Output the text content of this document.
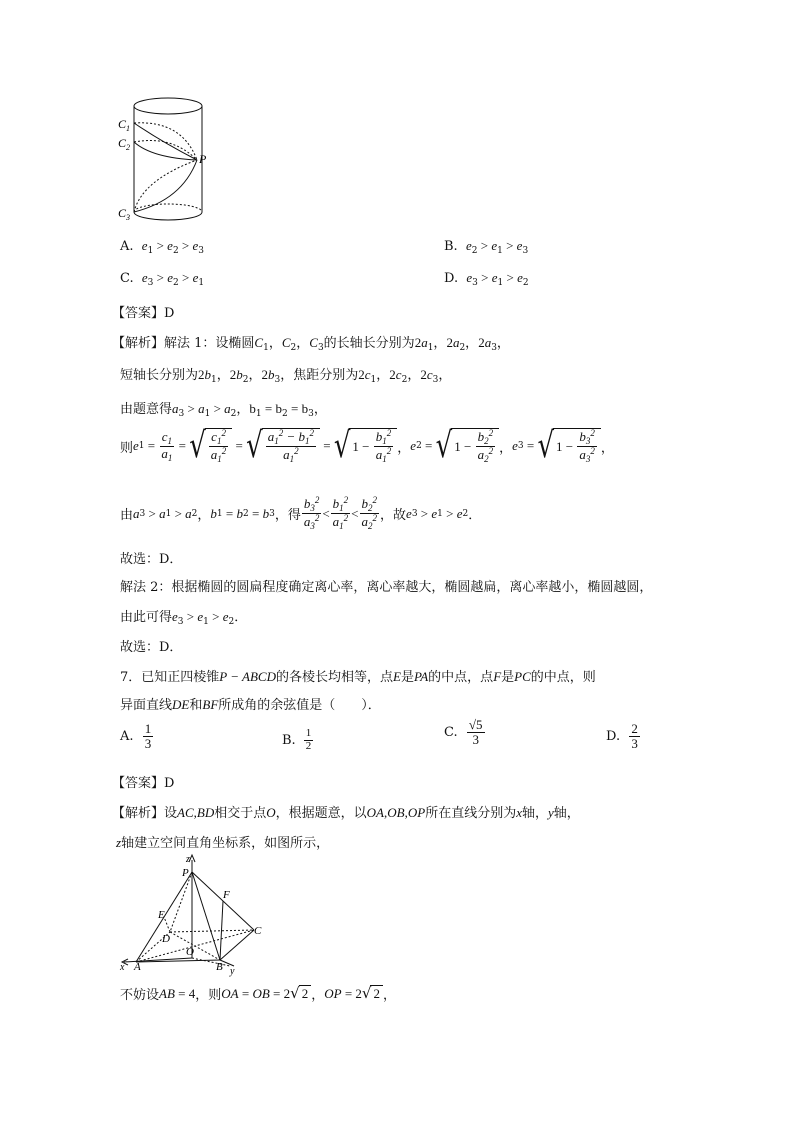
C 1
C 2
P
C 3
A. $e_1 > e_2 > e_3$	B. $e_2 > e_1 > e_3$
C. $e_3 > e_2 > e_1$	D. $e_3 > e_1 > e_2$
【答案】D
【解析】解法 1：设椭圆$C_1$，$C_2$，$C_3$的长轴长分别为$2a_1$，$2a_2$，$2a_3$，
短轴长分别为$2b_1$，$2b_2$，$2b_3$，焦距分别为$2c_1$，$2c_2$，$2c_3$，
由题意得$a_3 > a_1 > a_2$，$b_1 = b_2 = b_3$，
则 e $1 = \frac{c_1}{a_1}$ = √ $\frac{c_1^2}{a_1^2}$ = √ $\frac{a_1^2 - b_1^2}{a_1^2}$ = √ $1 - \frac{b_1^2}{a_1^2}$ ， e 2 = √ $1 - \frac{b_2^2}{a_2^2}$ ， e 3 = √ $1 - \frac{b_3^2}{a_3^2}$ ，
由 a 3 > a 1 > a 2 ， b 1 = b 2 = b 3 ，得 $\frac{b_3^2}{a_3^2} < \frac{b_1^2}{a_1^2} < \frac{b_2^2}{a_2^2}$ ，故 e 3 > e 1 > e 2 ．
故选：D．
解法 2：根据椭圆的圆扁程度确定离心率，离心率越大，椭圆越扁，离心率越小，椭圆越圆，
由此可得$e_3 > e_1 > e_2$．
故选：D．
7．已知正四棱锥P − ABCD的各棱长均相等，点E是PA的中点，点F是PC的中点，则
异面直线DE和BF所成角的余弦值是（　　）．
A.
$\frac{1}{3}$	B.
$\frac{1}{2}$	C.
$\frac{√5}{3}$	D.
$\frac{2}{3}$
【答案】D
【解析】设AC,BD相交于点O，根据题意，以OA,OB,OP所在直线分别为x轴，y轴，
z轴建立空间直角坐标系，如图所示，
z
P
F
E
D
C
O
x A	B y
不妨设 AB = 4 ，则 OA = OB = 2 √ 2 ， OP = 2 √ 2 ，
